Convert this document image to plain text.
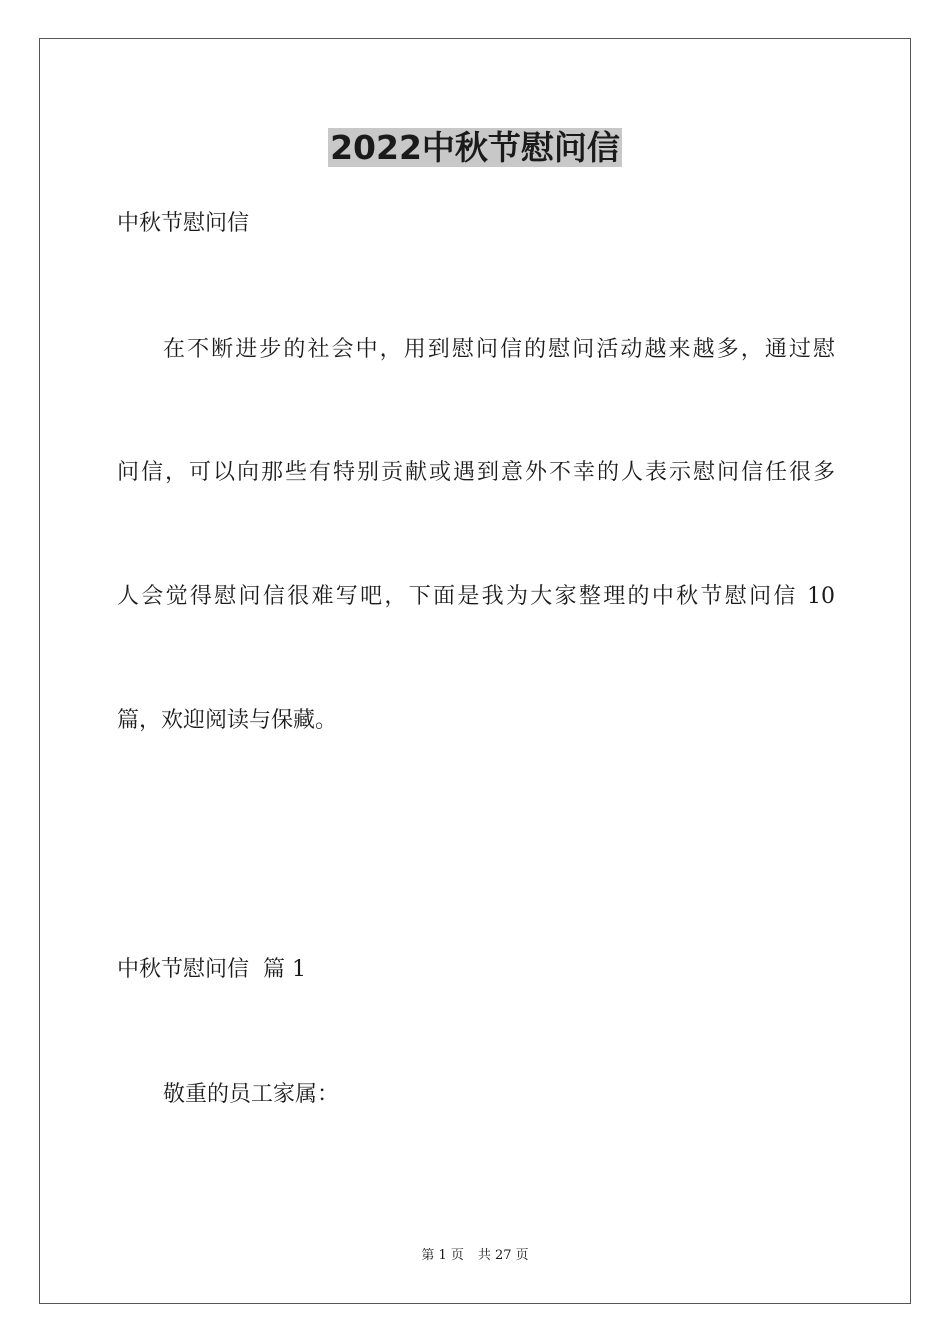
2022中秋节慰问信
中秋节慰问信
在不断进步的社会中，用到慰问信的慰问活动越来越多，通过慰
问信，可以向那些有特别贡献或遇到意外不幸的人表示慰问信任很多
人会觉得慰问信很难写吧，下面是我为大家整理的中秋节慰问信 10
篇，欢迎阅读与保藏。
中秋节慰问信  篇 1
敬重的员工家属：
第 1 页 共 27 页
